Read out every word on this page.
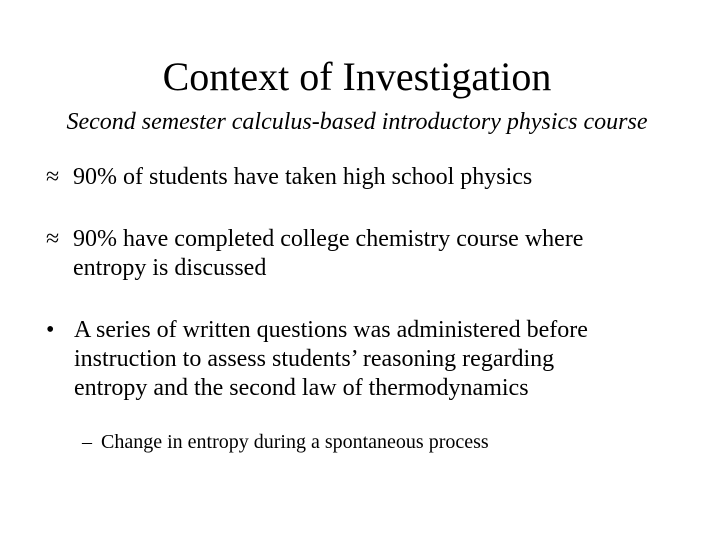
Context of Investigation
Second semester calculus-based introductory physics course
≈ 90% of students have taken high school physics
≈ 90% have completed college chemistry course where
entropy is discussed
• A series of written questions was administered before
instruction to assess students’ reasoning regarding
entropy and the second law of thermodynamics
– Change in entropy during a spontaneous process
